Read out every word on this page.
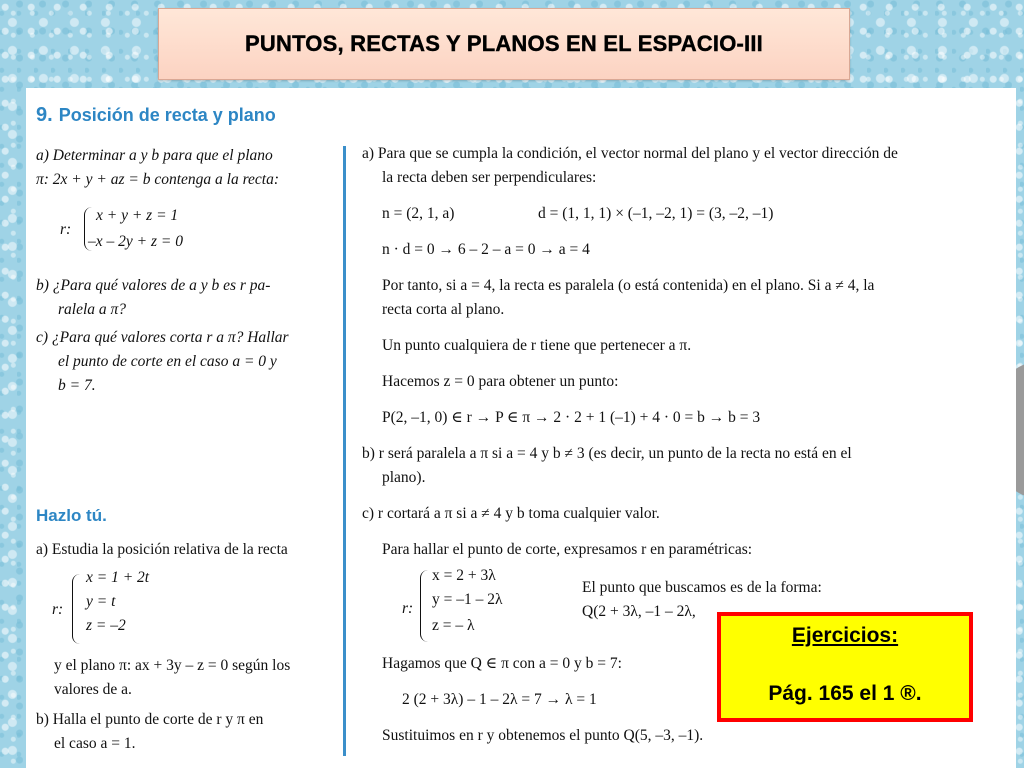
PUNTOS, RECTAS Y PLANOS EN EL ESPACIO-III
9. Posición de recta y plano
a) Determinar a y b para que el plano
π: 2x + y + az = b contenga a la recta:
r:
x + y + z = 1
–x – 2y + z = 0
b) ¿Para qué valores de a y b es r pa-
ralela a π?
c) ¿Para qué valores corta r a π? Hallar
el punto de corte en el caso a = 0 y
b = 7.
Hazlo tú.
a) Estudia la posición relativa de la recta
r:
x = 1 + 2t
y = t
z = –2
y el plano π: ax + 3y – z = 0 según los
valores de a.
b) Halla el punto de corte de r y π en
el caso a = 1.
a) Para que se cumpla la condición, el vector normal del plano y el vector dirección de
la recta deben ser perpendiculares:
n = (2, 1, a)	d = (1, 1, 1) × (–1, –2, 1) = (3, –2, –1)
n · d = 0 → 6 – 2 – a = 0 → a = 4
Por tanto, si a = 4, la recta es paralela (o está contenida) en el plano. Si a ≠ 4, la
recta corta al plano.
Un punto cualquiera de r tiene que pertenecer a π.
Hacemos z = 0 para obtener un punto:
P(2, –1, 0) ∈ r → P ∈ π → 2 · 2 + 1 (–1) + 4 · 0 = b → b = 3
b) r será paralela a π si a = 4 y b ≠ 3 (es decir, un punto de la recta no está en el
plano).
c) r cortará a π si a ≠ 4 y b toma cualquier valor.
Para hallar el punto de corte, expresamos r en paramétricas:
r:
x = 2 + 3λ
y = –1 – 2λ
z = – λ
El punto que buscamos es de la forma:
Q(2 + 3λ, –1 – 2λ,
Hagamos que Q ∈ π con a = 0 y b = 7:
2 (2 + 3λ) – 1 – 2λ = 7 → λ = 1
Sustituimos en r y obtenemos el punto Q(5, –3, –1).
Ejercicios:
Pág. 165 el 1 ®.
